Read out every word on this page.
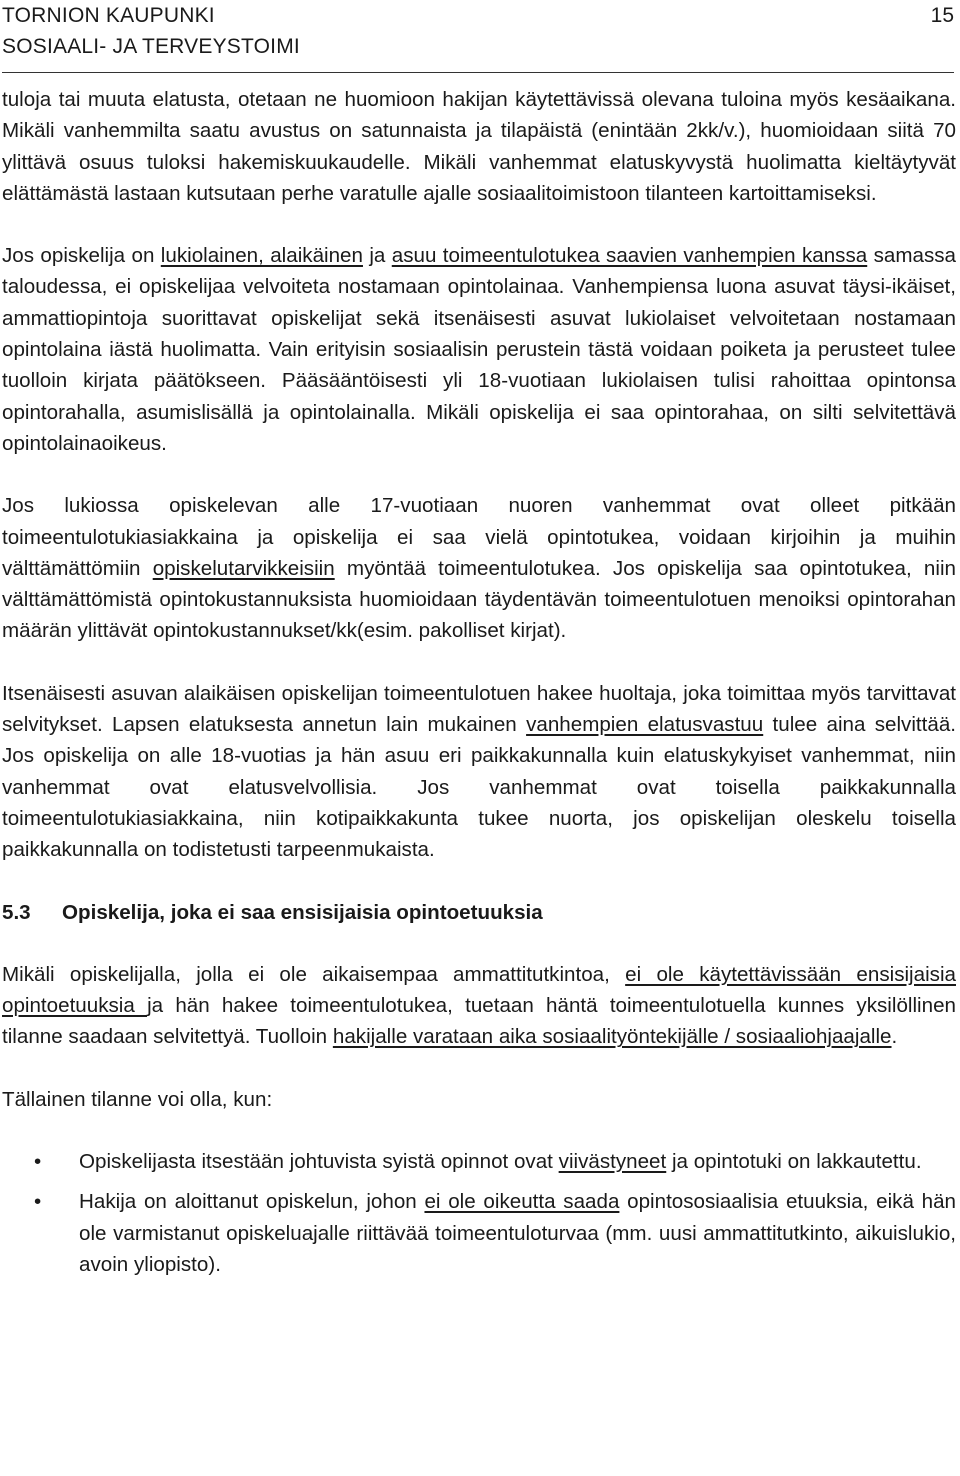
TORNION KAUPUNKI
SOSIAALI- JA TERVEYSTOIMI
15

tuloja tai muuta elatusta, otetaan ne huomioon hakijan käytettävissä olevana tuloina myös kesäaikana. Mikäli vanhemmilta saatu avustus on satunnaista ja tilapäistä (enintään 2kk/v.), huomioidaan siitä 70 ylittävä osuus tuloksi hakemiskuukaudelle. Mikäli vanhemmat elatuskyvystä huolimatta kieltäytyvät elättämästä lastaan kutsutaan perhe varatulle ajalle sosiaalitoimistoon tilanteen kartoittamiseksi.

Jos opiskelija on lukiolainen, alaikäinen ja asuu toimeentulotukea saavien vanhempien kanssa samassa taloudessa, ei opiskelijaa velvoiteta nostamaan opintolainaa. Vanhempiensa luona asuvat täysi-ikäiset, ammattiopintoja suorittavat opiskelijat sekä itsenäisesti asuvat lukiolaiset velvoitetaan nostamaan opintolaina iästä huolimatta. Vain erityisin sosiaalisin perustein tästä voidaan poiketa ja perusteet tulee tuolloin kirjata päätökseen. Pääsääntöisesti yli 18-vuotiaan lukiolaisen tulisi rahoittaa opintonsa opintorahalla, asumislisällä ja opintolainalla. Mikäli opiskelija ei saa opintorahaa, on silti selvitettävä opintolainaoikeus.

Jos lukiossa opiskelevan alle 17-vuotiaan nuoren vanhemmat ovat olleet pitkään toimeentulotukiasiakkaina ja opiskelija ei saa vielä opintotukea, voidaan kirjoihin ja muihin välttämättömiin opiskelutarvikkeisiin myöntää toimeentulotukea. Jos opiskelija saa opintotukea, niin välttämättömistä opintokustannuksista huomioidaan täydentävän toimeentulotuen menoiksi opintorahan määrän ylittävät opintokustannukset/kk(esim. pakolliset kirjat).

Itsenäisesti asuvan alaikäisen opiskelijan toimeentulotuen hakee huoltaja, joka toimittaa myös tarvittavat selvitykset. Lapsen elatuksesta annetun lain mukainen vanhempien elatusvastuu tulee aina selvittää. Jos opiskelija on alle 18-vuotias ja hän asuu eri paikkakunnalla kuin elatuskykyiset vanhemmat, niin vanhemmat ovat elatusvelvollisia. Jos vanhemmat ovat toisella paikkakunnalla toimeentulotukiasiakkaina, niin kotipaikkakunta tukee nuorta, jos opiskelijan oleskelu toisella paikkakunnalla on todistetusti tarpeenmukaista.

5.3 Opiskelija, joka ei saa ensisijaisia opintoetuuksia

Mikäli opiskelijalla, jolla ei ole aikaisempaa ammattitutkintoa, ei ole käytettävissään ensisijaisia opintoetuuksia ja hän hakee toimeentulotukea, tuetaan häntä toimeentulotuella kunnes yksilöllinen tilanne saadaan selvitettyä. Tuolloin hakijalle varataan aika sosiaalityöntekijälle / sosiaaliohjaajalle.

Tällainen tilanne voi olla, kun:

• Opiskelijasta itsestään johtuvista syistä opinnot ovat viivästyneet ja opintotuki on lakkautettu.
• Hakija on aloittanut opiskelun, johon ei ole oikeutta saada opintososiaalisia etuuksia, eikä hän ole varmistanut opiskeluajalle riittävää toimeentuloturvaa (mm. uusi ammattitutkinto, aikuislukio, avoin yliopisto).
